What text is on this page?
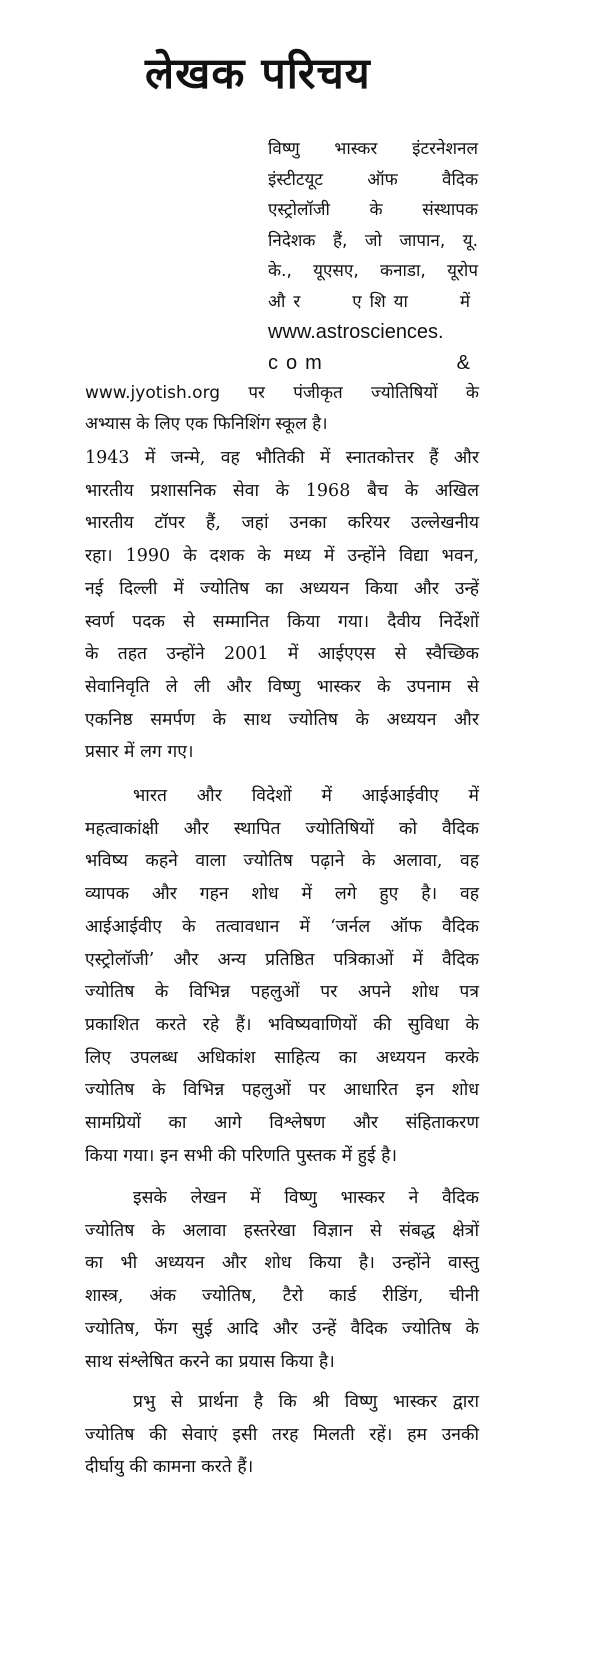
लेखक परिचय
विष्णु भास्कर इंटरनेशनल
इंस्टीटयूट ऑफ वैदिक
एस्ट्रोलॉजी के संस्थापक
निदेशक हैं, जो जापान, यू.
के., यूएसए, कनाडा, यूरोप
और एशिया में
www.astrosciences.
com &
www.jyotish.org पर पंजीकृत ज्योतिषियों के
अभ्यास के लिए एक फिनिशिंग स्कूल है।
1943 में जन्मे, वह भौतिकी में स्नातकोत्तर हैं और
भारतीय प्रशासनिक सेवा के 1968 बैच के अखिल
भारतीय टॉपर हैं, जहां उनका करियर उल्लेखनीय
रहा। 1990 के दशक के मध्य में उन्होंने विद्या भवन,
नई दिल्ली में ज्योतिष का अध्ययन किया और उन्हें
स्वर्ण पदक से सम्मानित किया गया। दैवीय निर्देशों
के तहत उन्होंने 2001 में आईएएस से स्वैच्छिक
सेवानिवृति ले ली और विष्णु भास्कर के उपनाम से
एकनिष्ठ समर्पण के साथ ज्योतिष के अध्ययन और
प्रसार में लग गए।
भारत और विदेशों में आईआईवीए में
महत्वाकांक्षी और स्थापित ज्योतिषियों को वैदिक
भविष्य कहने वाला ज्योतिष पढ़ाने के अलावा, वह
व्यापक और गहन शोध में लगे हुए है। वह
आईआईवीए के तत्वावधान में ‘जर्नल ऑफ वैदिक
एस्ट्रोलॉजी’ और अन्य प्रतिष्ठित पत्रिकाओं में वैदिक
ज्योतिष के विभिन्न पहलुओं पर अपने शोध पत्र
प्रकाशित करते रहे हैं। भविष्यवाणियों की सुविधा के
लिए उपलब्ध अधिकांश साहित्य का अध्ययन करके
ज्योतिष के विभिन्न पहलुओं पर आधारित इन शोध
सामग्रियों का आगे विश्लेषण और संहिताकरण
किया गया। इन सभी की परिणति पुस्तक में हुई है।
इसके लेखन में विष्णु भास्कर ने वैदिक
ज्योतिष के अलावा हस्तरेखा विज्ञान से संबद्ध क्षेत्रों
का भी अध्ययन और शोध किया है। उन्होंने वास्तु
शास्त्र, अंक ज्योतिष, टैरो कार्ड रीडिंग, चीनी
ज्योतिष, फेंग सुई आदि और उन्हें वैदिक ज्योतिष के
साथ संश्लेषित करने का प्रयास किया है।
प्रभु से प्रार्थना है कि श्री विष्णु भास्कर द्वारा
ज्योतिष की सेवाएं इसी तरह मिलती रहें। हम उनकी
दीर्घायु की कामना करते हैं।
